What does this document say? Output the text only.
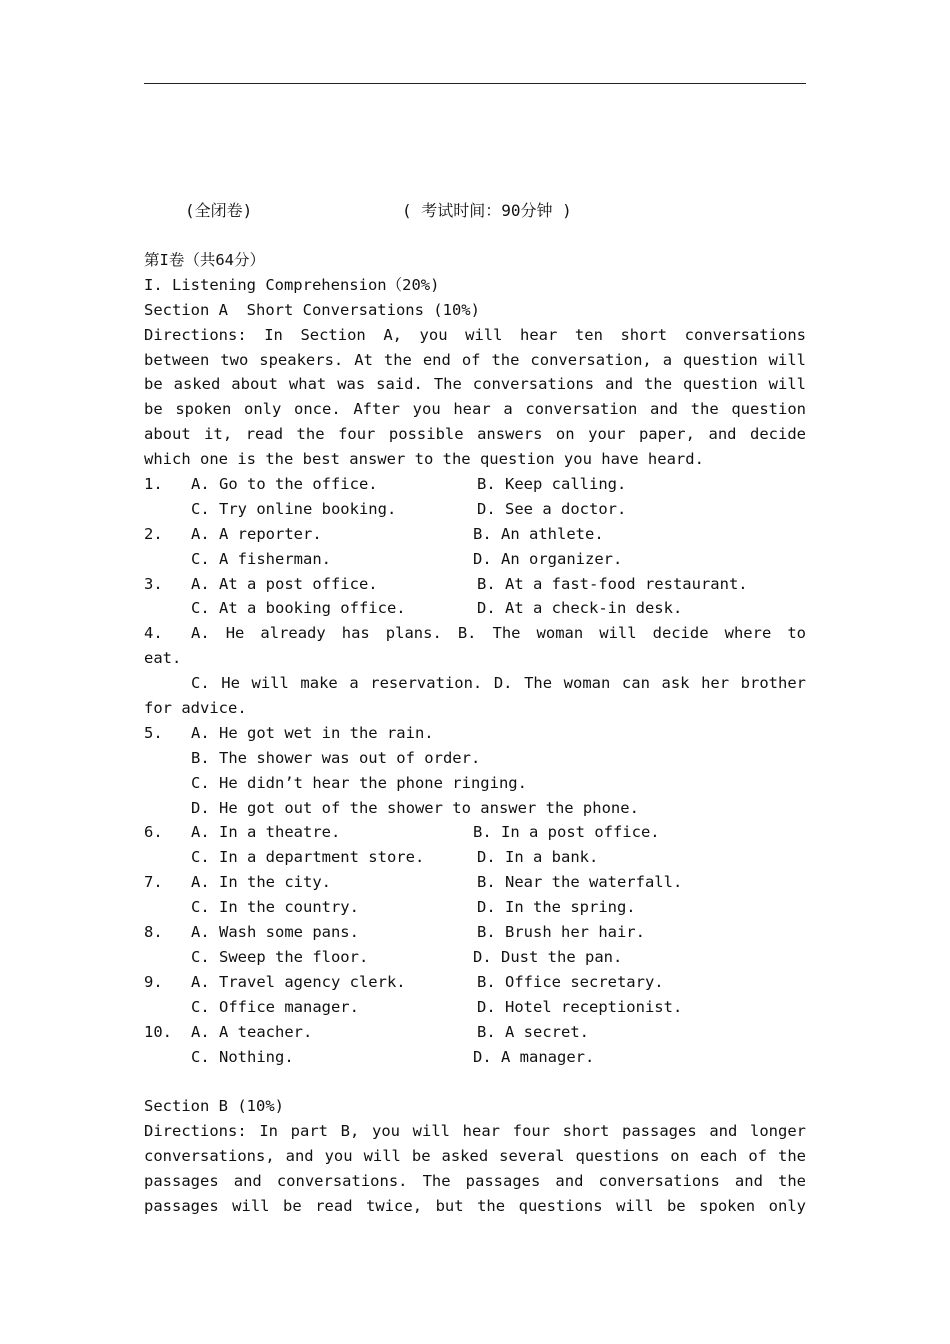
(全闭卷)	( 考试时间：90分钟 )
第I卷（共64分）
I. Listening Comprehension（20%)
Section A  Short Conversations (10%)
Directions: In Section A, you will hear ten short conversations
between two speakers. At the end of the conversation, a question will
be asked about what was said. The conversations and the question will
be spoken only once. After you hear a conversation and the question
about it, read the four possible answers on your paper, and decide
which one is the best answer to the question you have heard.

1.

A. Go to the office.

	B. Keep calling.

C. Try online booking.

	D. See a doctor.

2.

A. A reporter.

	B. An athlete.

C. A fisherman.

	D. An organizer.

3.

A. At a post office.

	B. At a fast-food restaurant.

C. At a booking office.

	D. At a check-in desk.

4.

A. He already has plans. B. The woman will decide where to

eat.

C. He will make a reservation. D. The woman can ask her brother

for advice.

5.

A. He got wet in the rain.

B. The shower was out of order.

C. He didn’t hear the phone ringing.

D. He got out of the shower to answer the phone.

6.

A. In a theatre.

	B. In a post office.

C. In a department store.

	D. In a bank.

7.

A. In the city.

	B. Near the waterfall.

C. In the country.

	D. In the spring.

8.

A. Wash some pans.

	B. Brush her hair.

C. Sweep the floor.

	D. Dust the pan.

9.

A. Travel agency clerk.

	B. Office secretary.

C. Office manager.

	D. Hotel receptionist.

10.

A. A teacher.

	B. A secret.

C. Nothing.

	D. A manager.

Section B (10%)
Directions: In part B, you will hear four short passages and longer
conversations, and you will be asked several questions on each of the
passages and conversations. The passages and conversations and the
passages will be read twice, but the questions will be spoken only
